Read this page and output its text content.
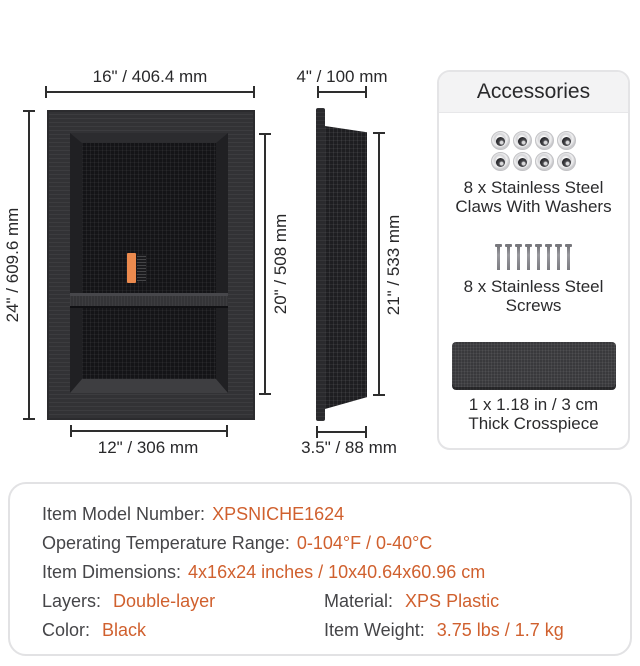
16" / 406.4 mm
24" / 609.6 mm	20" / 508 mm
12" / 306 mm
4" / 100 mm
21" / 533 mm
3.5" / 88 mm
Accessories
8 x Stainless Steel
Claws With Washers
8 x Stainless Steel
Screws
1 x 1.18 in / 3 cm
Thick Crosspiece
Item Model Number: XPSNICHE1624
Operating Temperature Range: 0-104°F / 0-40°C
Item Dimensions: 4x16x24 inches / 10x40.64x60.96 cm
Layers: Double-layer	Material: XPS Plastic
Color: Black	Item Weight: 3.75 lbs / 1.7 kg
